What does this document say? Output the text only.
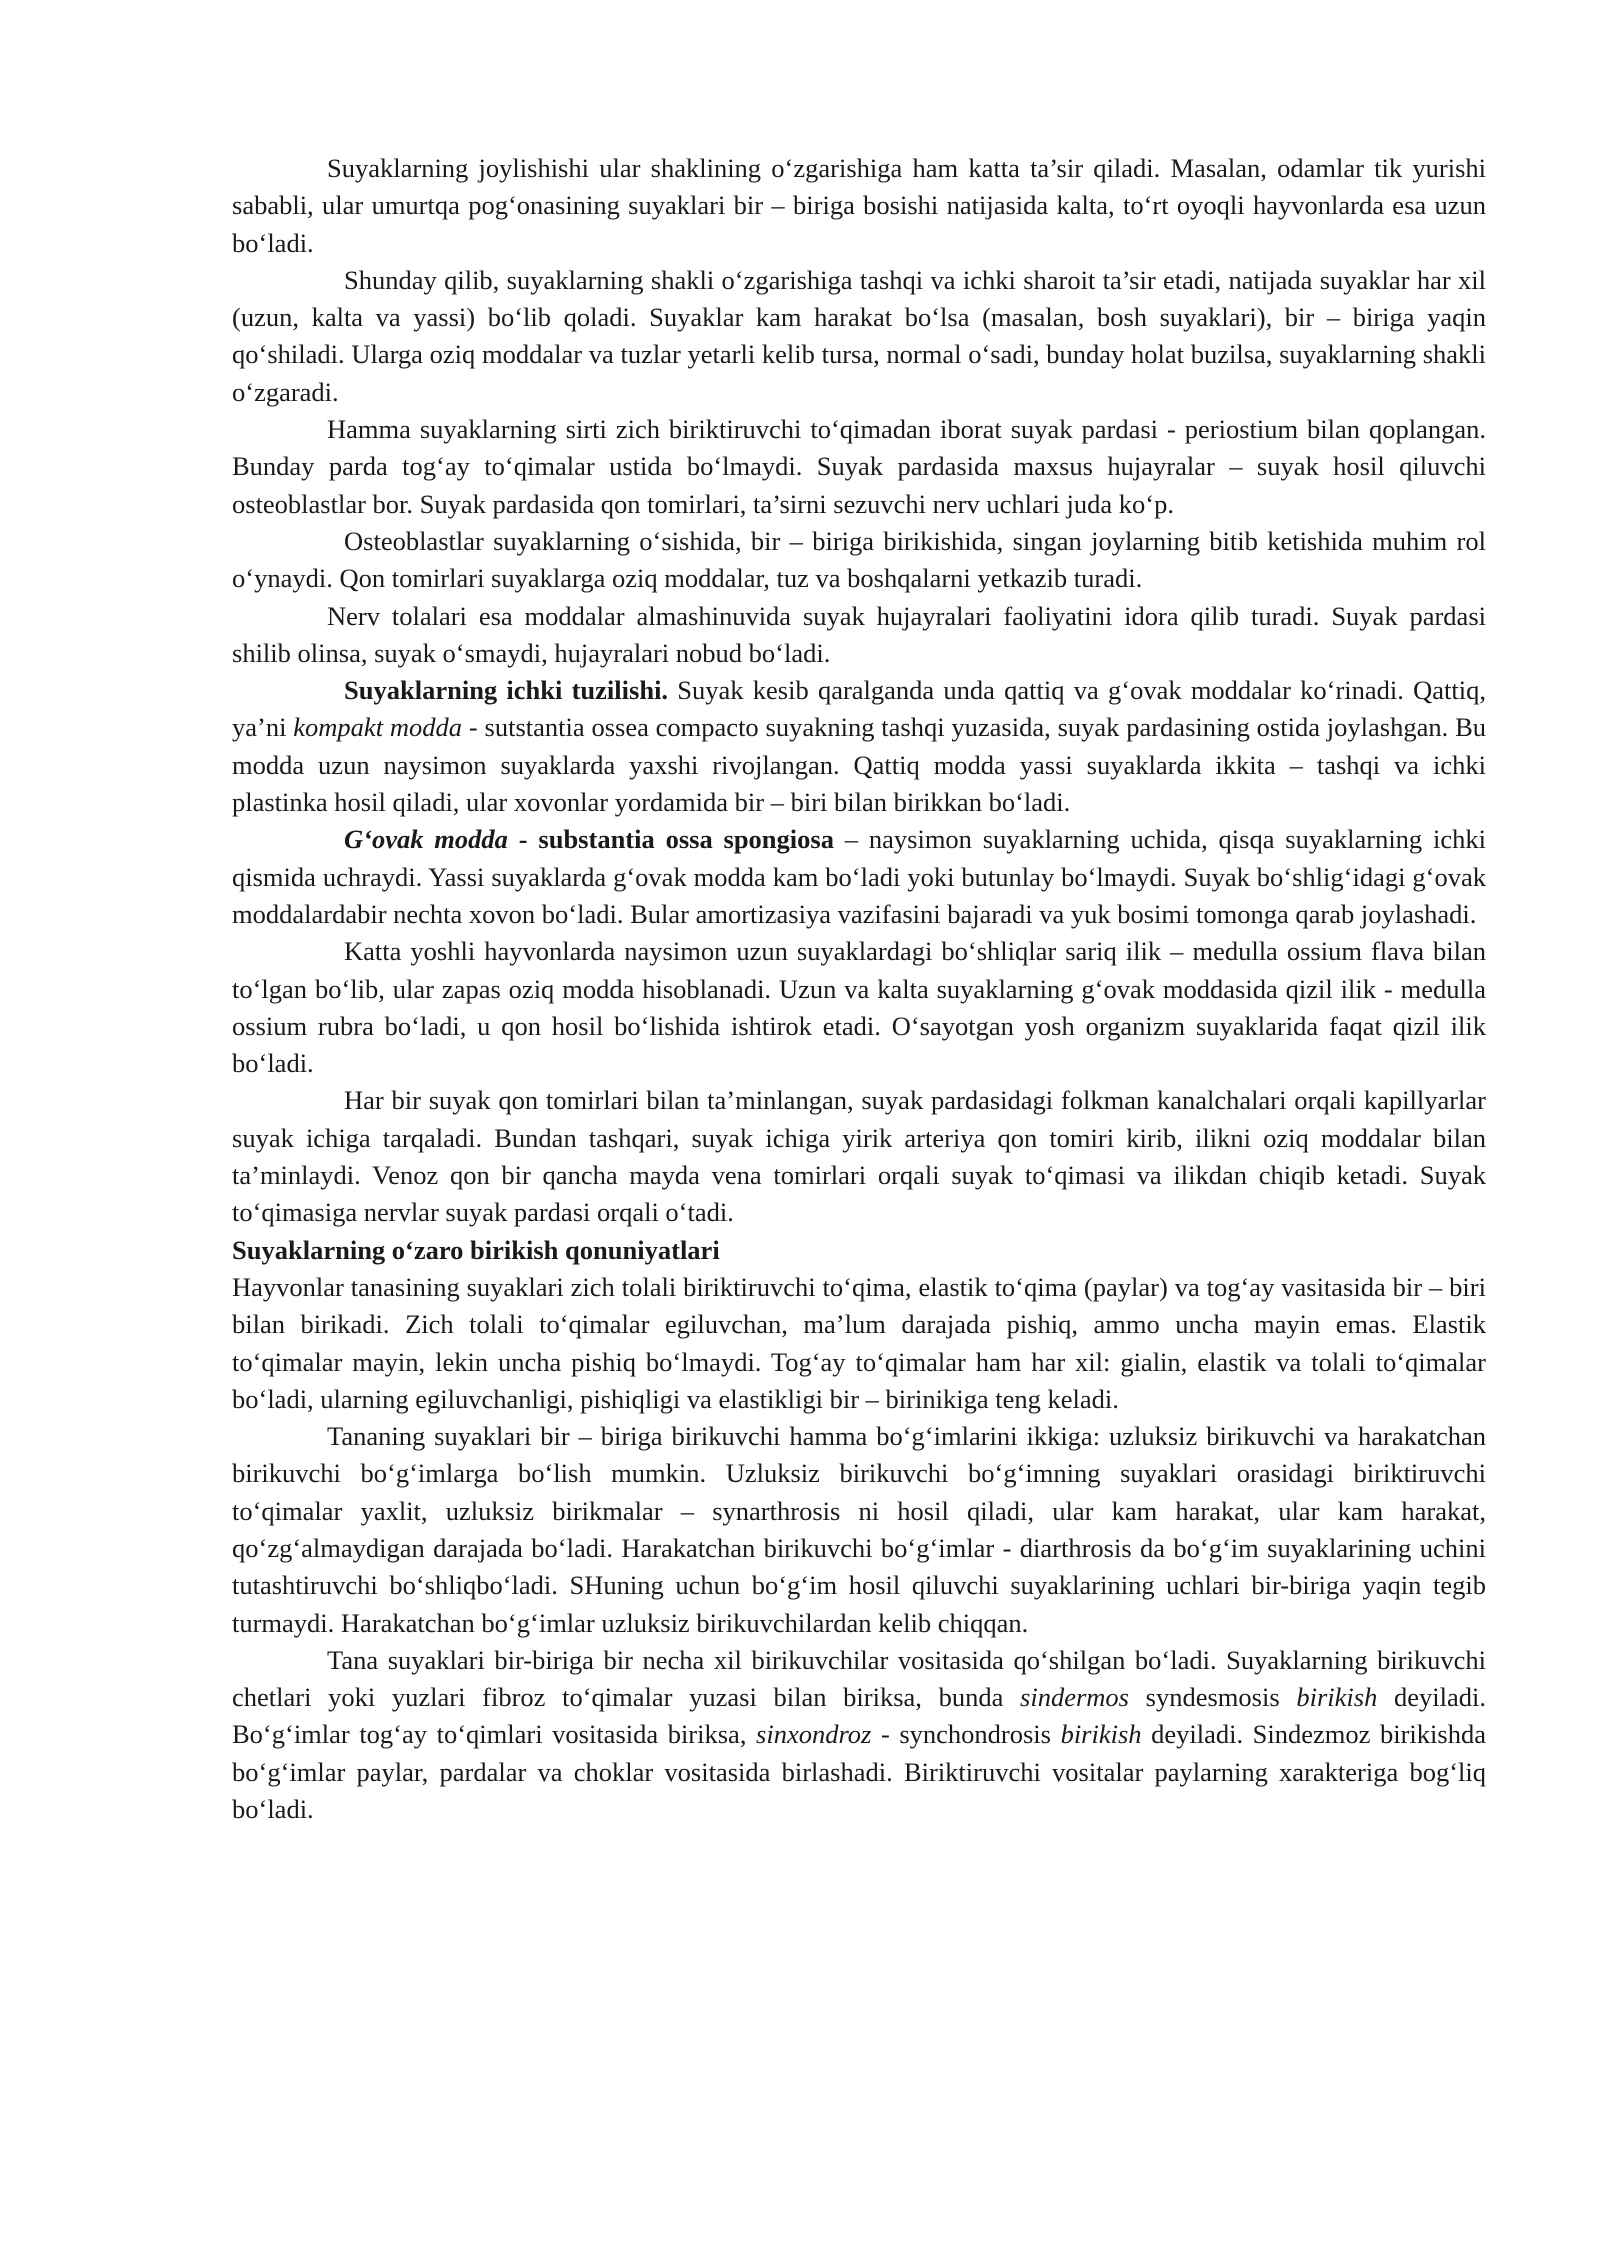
Suyaklarning joylishishi ular shaklining o‘zgarishiga ham katta ta’sir qiladi. Masalan, odamlar tik yurishi sababli, ular umurtqa pog‘onasining suyaklari bir – biriga bosishi natijasida kalta, to‘rt oyoqli hayvonlarda esa uzun bo‘ladi.

Shunday qilib, suyaklarning shakli o‘zgarishiga tashqi va ichki sharoit ta’sir etadi, natijada suyaklar har xil (uzun, kalta va yassi) bo‘lib qoladi. Suyaklar kam harakat bo‘lsa (masalan, bosh suyaklari), bir – biriga yaqin qo‘shiladi. Ularga oziq moddalar va tuzlar yetarli kelib tursa, normal o‘sadi, bunday holat buzilsa, suyaklarning shakli o‘zgaradi.

Hamma suyaklarning sirti zich biriktiruvchi to‘qimadan iborat suyak pardasi - periostium bilan qoplangan. Bunday parda tog‘ay to‘qimalar ustida bo‘lmaydi. Suyak pardasida maxsus hujayralar – suyak hosil qiluvchi osteoblastlar bor. Suyak pardasida qon tomirlari, ta’sirni sezuvchi nerv uchlari juda ko‘p.

Osteoblastlar suyaklarning o‘sishida, bir – biriga birikishida, singan joylarning bitib ketishida muhim rol o‘ynaydi. Qon tomirlari suyaklarga oziq moddalar, tuz va boshqalarni yetkazib turadi.

Nerv tolalari esa moddalar almashinuvida suyak hujayralari faoliyatini idora qilib turadi. Suyak pardasi shilib olinsa, suyak o‘smaydi, hujayralari nobud bo‘ladi.

Suyaklarning ichki tuzilishi. Suyak kesib qaralganda unda qattiq va g‘ovak moddalar ko‘rinadi. Qattiq, ya’ni kompakt modda - sutstantia ossea compacto suyakning tashqi yuzasida, suyak pardasining ostida joylashgan. Bu modda uzun naysimon suyaklarda yaxshi rivojlangan. Qattiq modda yassi suyaklarda ikkita – tashqi va ichki plastinka hosil qiladi, ular xovonlar yordamida bir – biri bilan birikkan bo‘ladi.

G‘ovak modda - substantia ossa spongiosa – naysimon suyaklarning uchida, qisqa suyaklarning ichki qismida uchraydi. Yassi suyaklarda g‘ovak modda kam bo‘ladi yoki butunlay bo‘lmaydi. Suyak bo‘shlig‘idagi g‘ovak moddalardabir nechta xovon bo‘ladi. Bular amortizasiya vazifasini bajaradi va yuk bosimi tomonga qarab joylashadi.

Katta yoshli hayvonlarda naysimon uzun suyaklardagi bo‘shliqlar sariq ilik – medulla ossium flava bilan to‘lgan bo‘lib, ular zapas oziq modda hisoblanadi. Uzun va kalta suyaklarning g‘ovak moddasida qizil ilik - medulla ossium rubra bo‘ladi, u qon hosil bo‘lishida ishtirok etadi. O‘sayotgan yosh organizm suyaklarida faqat qizil ilik bo‘ladi.

Har bir suyak qon tomirlari bilan ta’minlangan, suyak pardasidagi folkman kanalchalari orqali kapillyarlar suyak ichiga tarqaladi. Bundan tashqari, suyak ichiga yirik arteriya qon tomiri kirib, ilikni oziq moddalar bilan ta’minlaydi. Venoz qon bir qancha mayda vena tomirlari orqali suyak to‘qimasi va ilikdan chiqib ketadi. Suyak to‘qimasiga nervlar suyak pardasi orqali o‘tadi.

Suyaklarning o‘zaro birikish qonuniyatlari

Hayvonlar tanasining suyaklari zich tolali biriktiruvchi to‘qima, elastik to‘qima (paylar) va tog‘ay vasitasida bir – biri bilan birikadi. Zich tolali to‘qimalar egiluvchan, ma’lum darajada pishiq, ammo uncha mayin emas. Elastik to‘qimalar mayin, lekin uncha pishiq bo‘lmaydi. Tog‘ay to‘qimalar ham har xil: gialin, elastik va tolali to‘qimalar bo‘ladi, ularning egiluvchanligi, pishiqligi va elastikligi bir – birinikiga teng keladi.

Tananing suyaklari bir – biriga birikuvchi hamma bo‘g‘imlarini ikkiga: uzluksiz birikuvchi va harakatchan birikuvchi bo‘g‘imlarga bo‘lish mumkin. Uzluksiz birikuvchi bo‘g‘imning suyaklari orasidagi biriktiruvchi to‘qimalar yaxlit, uzluksiz birikmalar – synarthrosis ni hosil qiladi, ular kam harakat, ular kam harakat, qo‘zg‘almaydigan darajada bo‘ladi. Harakatchan birikuvchi bo‘g‘imlar - diarthrosis da bo‘g‘im suyaklarining uchini tutashtiruvchi bo‘shliqbo‘ladi. SHuning uchun bo‘g‘im hosil qiluvchi suyaklarining uchlari bir-biriga yaqin tegib turmaydi. Harakatchan bo‘g‘imlar uzluksiz birikuvchilardan kelib chiqqan.

Tana suyaklari bir-biriga bir necha xil birikuvchilar vositasida qo‘shilgan bo‘ladi. Suyaklarning birikuvchi chetlari yoki yuzlari fibroz to‘qimalar yuzasi bilan biriksa, bunda sindermos syndesmosis birikish deyiladi. Bo‘g‘imlar tog‘ay to‘qimlari vositasida biriksa, sinxondroz - synchondrosis birikish deyiladi. Sindezmoz birikishda bo‘g‘imlar paylar, pardalar va choklar vositasida birlashadi. Biriktiruvchi vositalar paylarning xarakteriga bog‘liq bo‘ladi.
